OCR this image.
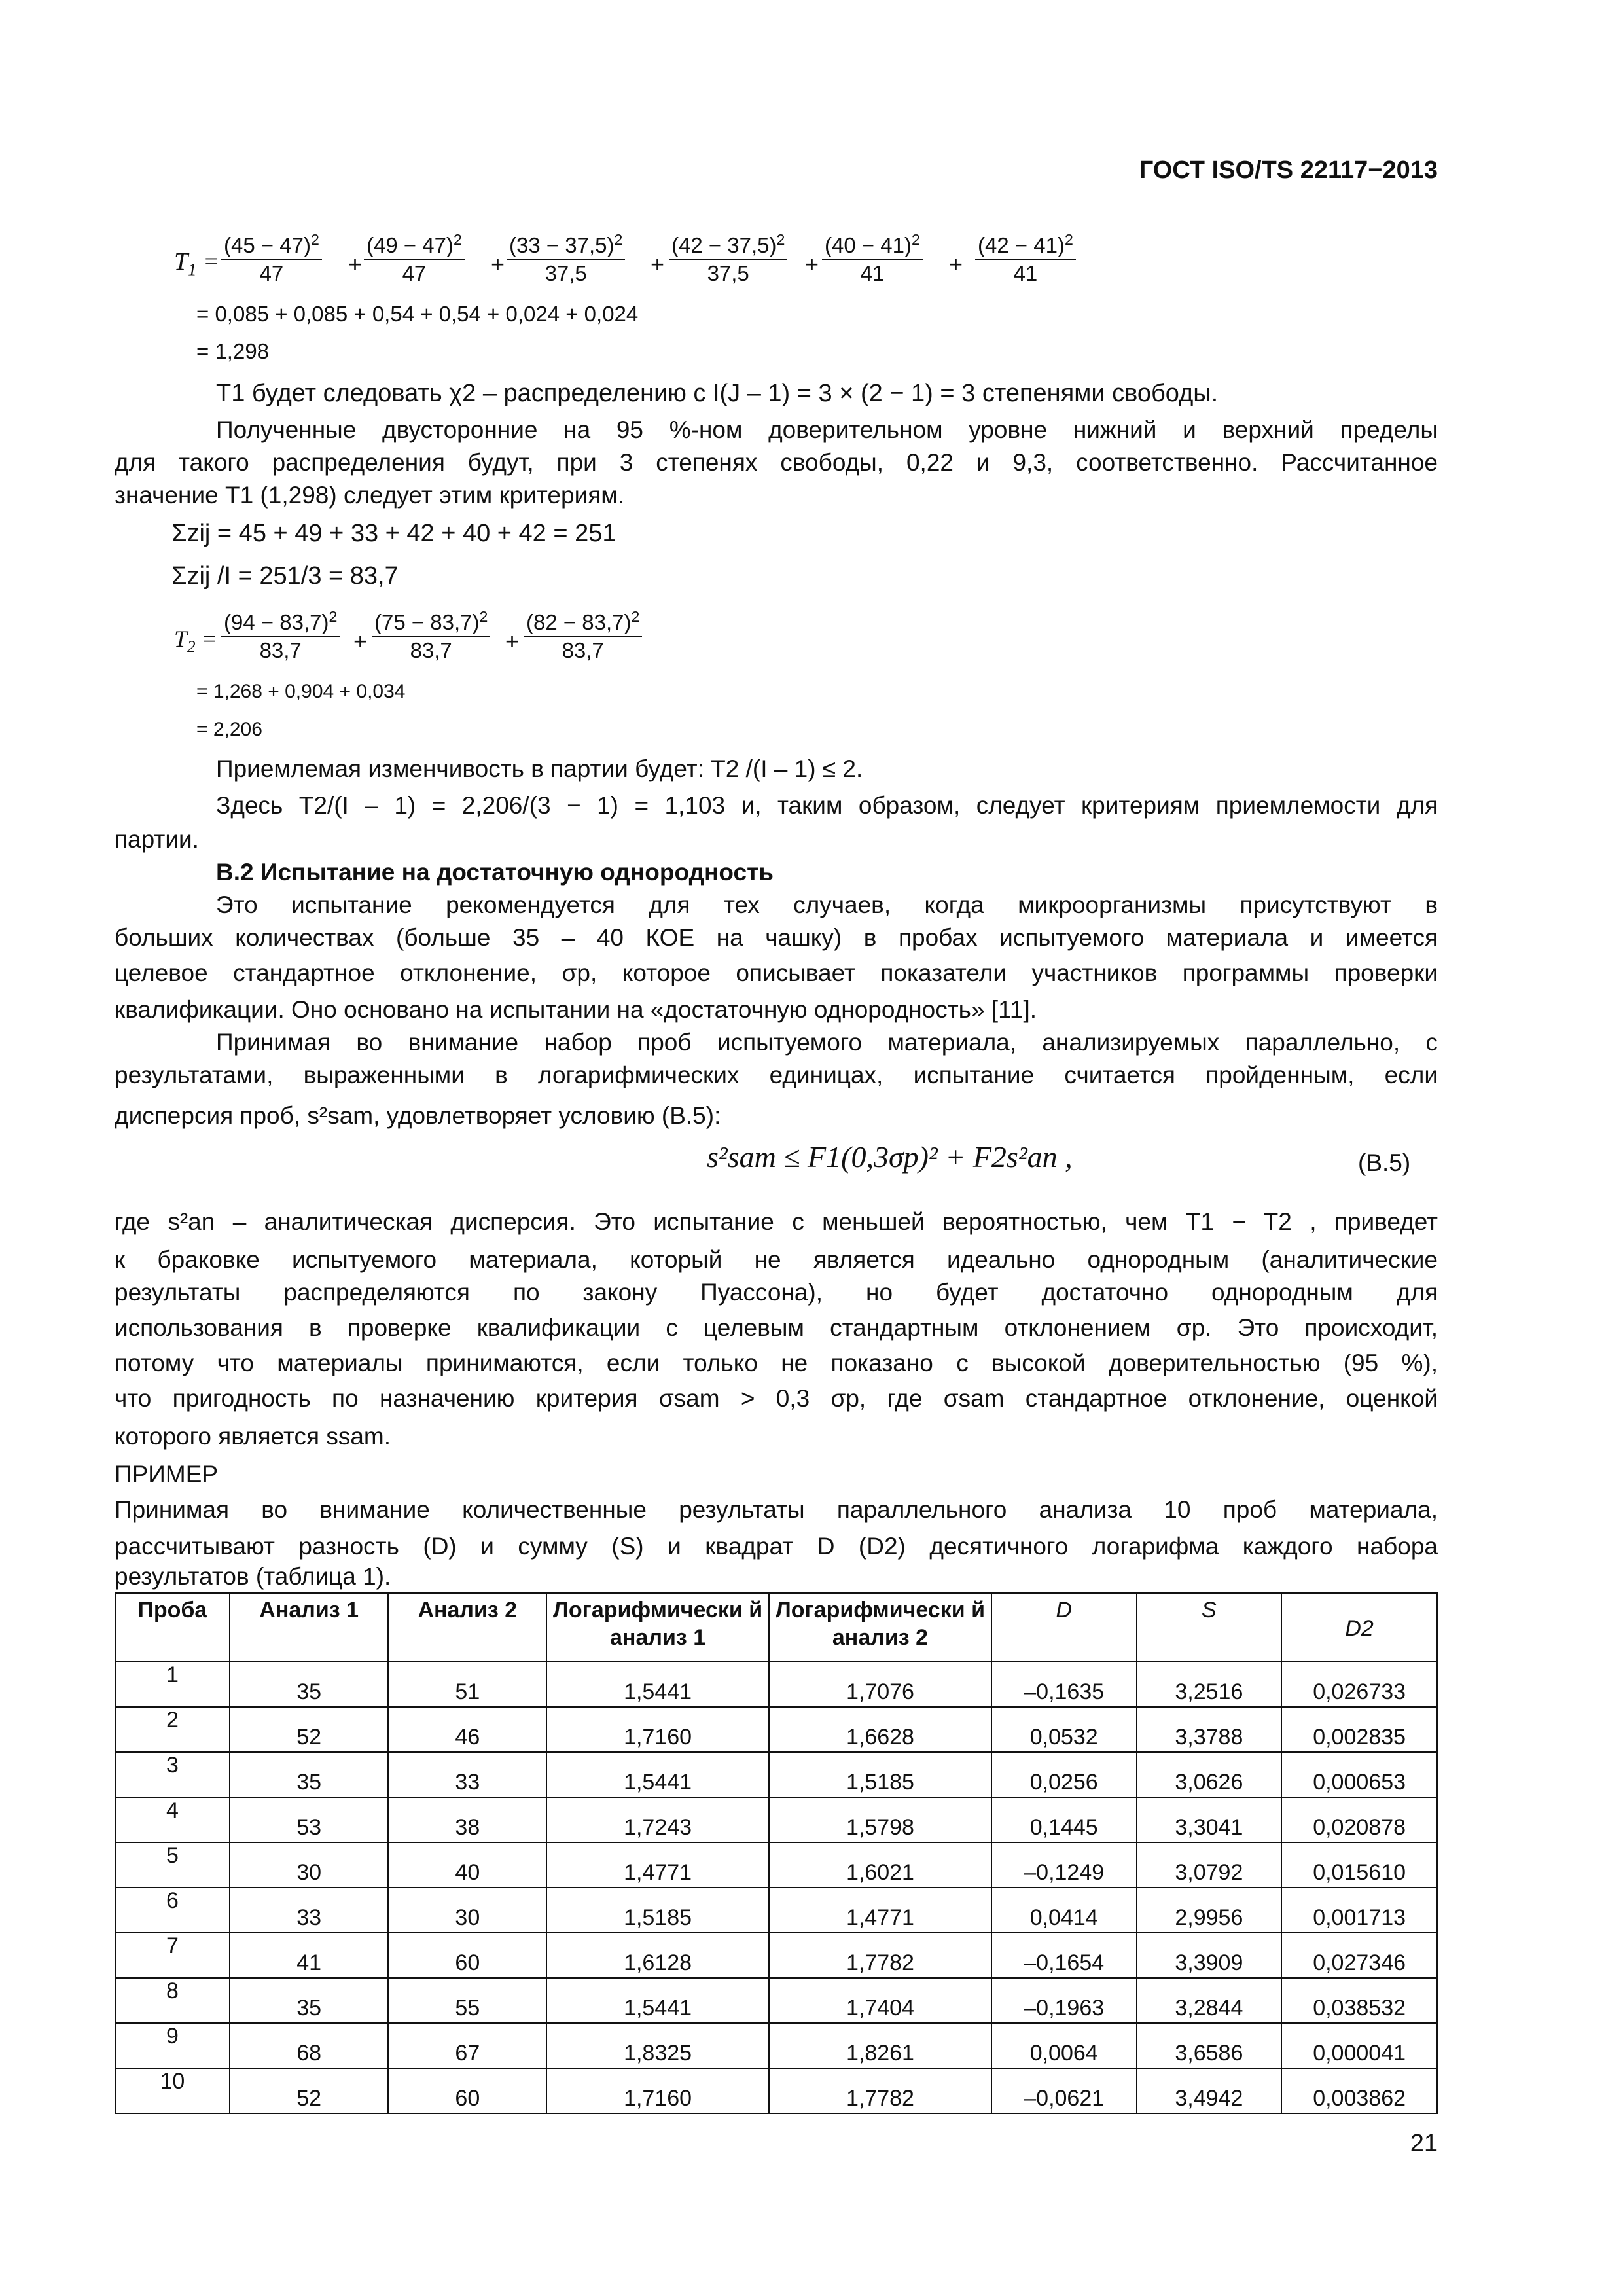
ГОСТ ISO/TS 22117−2013
$T_1 = \frac{(45 - 47)^2}{47} + \frac{(49 - 47)^2}{47} + \frac{(33 - 37,5)^2}{37,5} + \frac{(42 - 37,5)^2}{37,5} + \frac{(40 - 41)^2}{41} + \frac{(42 - 41)^2}{41}$
= 0,085 + 0,085 + 0,54 + 0,54 + 0,024 + 0,024
= 1,298
T1 будет следовать χ2 – распределению с I(J – 1) = 3 × (2 − 1) = 3 степенями свободы.
Полученные двусторонние на 95 %-ном доверительном уровне нижний и верхний пределы
для такого распределения будут, при 3 степенях свободы, 0,22 и 9,3, соответственно. Рассчитанное
значение T1 (1,298) следует этим критериям.
Σzij = 45 + 49 + 33 + 42 + 40 + 42 = 251
Σzij /I = 251/3 = 83,7
$T_2 = \frac{(94 - 83,7)^2}{83,7} + \frac{(75 - 83,7)^2}{83,7} + \frac{(82 - 83,7)^2}{83,7}$
= 1,268 + 0,904 + 0,034
= 2,206
Приемлемая изменчивость в партии будет: T2 /(I – 1) ≤ 2.
Здесь T2/(I – 1) = 2,206/(3 − 1) = 1,103 и, таким образом, следует критериям приемлемости для
партии.
В.2 Испытание на достаточную однородность
Это испытание рекомендуется для тех случаев, когда микроорганизмы присутствуют в
больших количествах (больше 35 – 40 КОЕ на чашку) в пробах испытуемого материала и имеется
целевое стандартное отклонение, σp, которое описывает показатели участников программы проверки
квалификации. Оно основано на испытании на «достаточную однородность» [11].
Принимая во внимание набор проб испытуемого материала, анализируемых параллельно, с
результатами, выраженными в логарифмических единицах, испытание считается пройденным, если
дисперсия проб, s²sam, удовлетворяет условию (B.5):
s²sam ≤ F1(0,3σp)² + F2s²an ,	(B.5)
где s²an – аналитическая дисперсия. Это испытание с меньшей вероятностью, чем T1 − T2 , приведет
к браковке испытуемого материала, который не является идеально однородным (аналитические
результаты распределяются по закону Пуассона), но будет достаточно однородным для
использования в проверке квалификации с целевым стандартным отклонением σp. Это происходит,
потому что материалы принимаются, если только не показано с высокой доверительностью (95 %),
что пригодность по назначению критерия σsam > 0,3 σp, где σsam стандартное отклонение, оценкой
которого является ssam.
ПРИМЕР
Принимая во внимание количественные результаты параллельного анализа 10 проб материала,
рассчитывают разность (D) и сумму (S) и квадрат D (D2) десятичного логарифма каждого набора
результатов (таблица 1).
Проба	Анализ 1	Анализ 2	Логарифмически й анализ 1	Логарифмически й анализ 2	D	S	D2
1	35	51	1,5441	1,7076	–0,1635	3,2516	0,026733
2	52	46	1,7160	1,6628	0,0532	3,3788	0,002835
3	35	33	1,5441	1,5185	0,0256	3,0626	0,000653
4	53	38	1,7243	1,5798	0,1445	3,3041	0,020878
5	30	40	1,4771	1,6021	–0,1249	3,0792	0,015610
6	33	30	1,5185	1,4771	0,0414	2,9956	0,001713
7	41	60	1,6128	1,7782	–0,1654	3,3909	0,027346
8	35	55	1,5441	1,7404	–0,1963	3,2844	0,038532
9	68	67	1,8325	1,8261	0,0064	3,6586	0,000041
10	52	60	1,7160	1,7782	–0,0621	3,4942	0,003862
21
